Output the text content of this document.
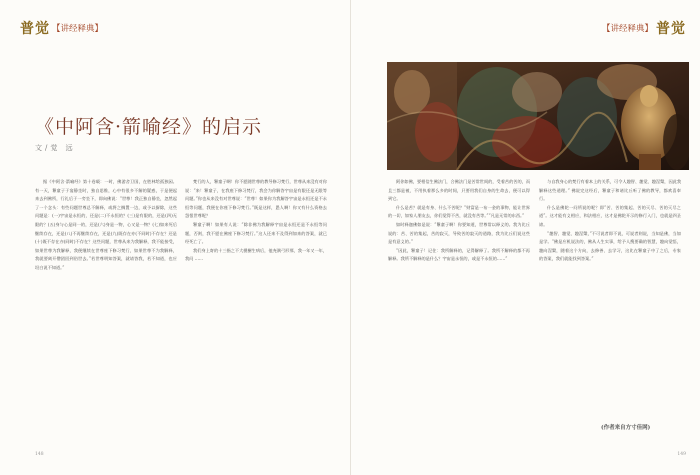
普觉 【讲经释典】
《中阿含·箭喻经》的启示
文/觉 远

据《中阿含·箭喻经》第十卷载：一时，佛游舍卫国，在胜林给孤独园。有一天，鬘童子于宴静坐时，独自思惟，心中有很多不解的疑惑，于是便起来去到佛所，行礼后于一旁坐下，即向佛说：“世尊！我正独自静坐，忽然起了一个念头：有些问题世尊总不解释，或将之搁置一边，或予以摒除，这些问题是：(一)宇宙是永恒的，还是(二)不永恒的？(三)是有限的，还是(四)无限的？(五)身与心是同一的，还是(六)身是一物，心又是一物？(七)如来死后继续存在，还是(八)不再继续存在，还是(九)既存在亦(不同时)不存在？还是(十)既不存在亦(同时)不存在？这些问题，世尊从来为我解释，我不能接受，如果世尊为我解释，我便继续在世尊座下修习梵行，如果世尊不为我解释，我就要离开僧团回到俗世去。”若世尊明知答案，就请答我，若不知道，也应坦白说不知道。”

梵行的人，鬘童子啊！你不愿随世尊的教导修习梵行，世尊从来没有对你说：“来！鬘童子，在我座下修习梵行，我会为你解答宇宙是有限还是无限等问题。”你也从来没有对世尊说：“世尊！如果你为我解答宇宙是永恒还是不永恒等问题，我便在你座下修习梵行。”既是这样，愚人啊！你又有什么资格去怨恨世尊呢？

鬘童子啊！如果有人说：“除非佛为我解释宇宙是永恒还是不永恒等问题，否则，我不愿在佛座下修习梵行。”这人还来不及得到如来的答案，就已经死亡了。

我们身上寄的十三指之不大樸樹生病后，他充满弓形那，我一年又一年，我问 ……

148
【讲经释典】 普觉

阿你如佛，要相信生佛法门，合佛法门是苦常世间的，受着苦的苦的，而且三都是被，不用执着那么多的时间，只要用我们自身的生命去，便可以得到它。

什么是苦？就是有身、什么不苦呢？“财富是一布一金的事物，能让世界的一切，如家人朋友去，你们觉得不苦，就没有苦等。”“凡是无常的东西。”

如时释迦佛如是说：“鬘童子啊！你要知道，世尊常以释义的。我为比丘说的：苦、苦的集起，苦的寂灭，导致苦的寂灭的道路，我为比丘们说这些是有意义的。”

“因此，鬘童子！记住：我所解释的，记得解释了。我所不解释的都不再解释。我所不解释的是什么？宇宙是永恒的，或是不永恒的……”

与自我身心的梵行有着本上的关系，可令人趣智、趣觉、趣涅槃，因此我解释这些道理。” 佛说完这经后，鬘童子和诸比丘听了佛的教导，都欢喜奉行。

什么是佛陀一问所说的呢？即“苦、苦的集起、苦的灭尽、苦的灭尽之道”。这才能有义相应，和法相应，这才是佛陀开示的修行入门，也就是四圣谛。

“趣智、趣觉、趣涅槃，”不可说者即不说，可说者则说，当知是佛，当如是学。“佛是应机说法的，佛从人生实事，给予人搜要确的智慧，趣向觉悟，趣向涅槃，随着这个方向，去修善、去学习，这比在鬘童子中了之后，专家的答案，我们就能找到答案。”

(作者来自方寸佳网)
149
